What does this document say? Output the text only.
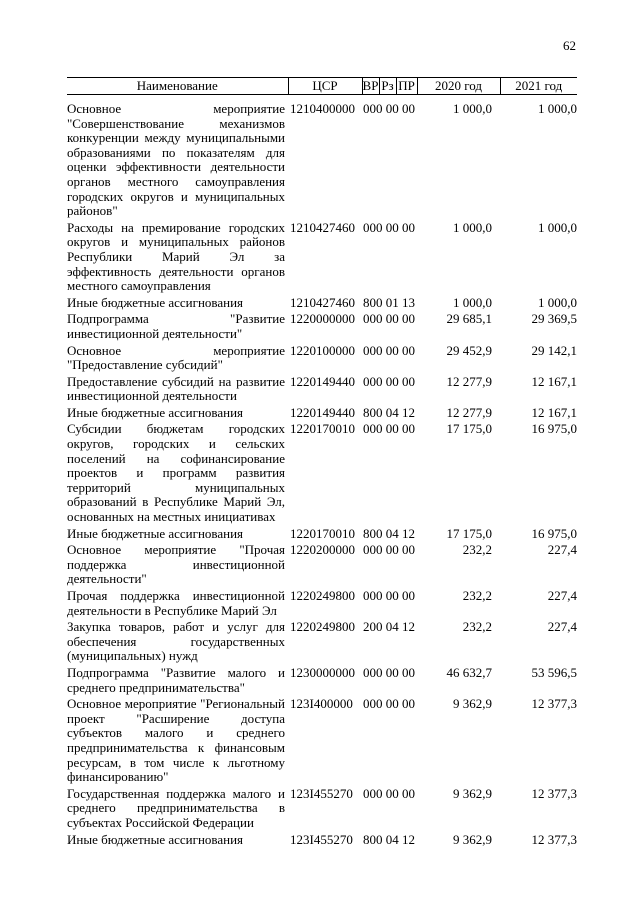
62
Наименование	ЦСР	ВР	Рз	ПР	2020 год	2021 год
Основное мероприятие "Совершенствование механизмов конкуренции между муниципальными образованиями по показателям для оценки эффективности деятельности органов местного самоуправления городских округов и муниципальных районов"	1210400000	000 00 00			1 000,0	1 000,0
Расходы на премирование городских округов и муниципальных районов Республики Марий Эл за эффективность деятельности органов местного самоуправления	1210427460	000 00 00			1 000,0	1 000,0
Иные бюджетные ассигнования	1210427460	800 01 13			1 000,0	1 000,0
Подпрограмма "Развитие инвестиционной деятельности"	1220000000	000 00 00			29 685,1	29 369,5
Основное мероприятие "Предоставление субсидий"	1220100000	000 00 00			29 452,9	29 142,1
Предоставление субсидий на развитие инвестиционной деятельности	1220149440	000 00 00			12 277,9	12 167,1
Иные бюджетные ассигнования	1220149440	800 04 12			12 277,9	12 167,1
Субсидии бюджетам городских округов, городских и сельских поселений на софинансирование проектов и программ развития территорий муниципальных образований в Республике Марий Эл, основанных на местных инициативах	1220170010	000 00 00			17 175,0	16 975,0
Иные бюджетные ассигнования	1220170010	800 04 12			17 175,0	16 975,0
Основное мероприятие "Прочая поддержка инвестиционной деятельности"	1220200000	000 00 00			232,2	227,4
Прочая поддержка инвестиционной деятельности в Республике Марий Эл	1220249800	000 00 00			232,2	227,4
Закупка товаров, работ и услуг для обеспечения государственных (муниципальных) нужд	1220249800	200 04 12			232,2	227,4
Подпрограмма "Развитие малого и среднего предпринимательства"	1230000000	000 00 00			46 632,7	53 596,5
Основное мероприятие "Региональный проект "Расширение доступа субъектов малого и среднего предпринимательства к финансовым ресурсам, в том числе к льготному финансированию"	123I400000	000 00 00			9 362,9	12 377,3
Государственная поддержка малого и среднего предпринимательства в субъектах Российской Федерации	123I455270	000 00 00			9 362,9	12 377,3
Иные бюджетные ассигнования	123I455270	800 04 12			9 362,9	12 377,3
